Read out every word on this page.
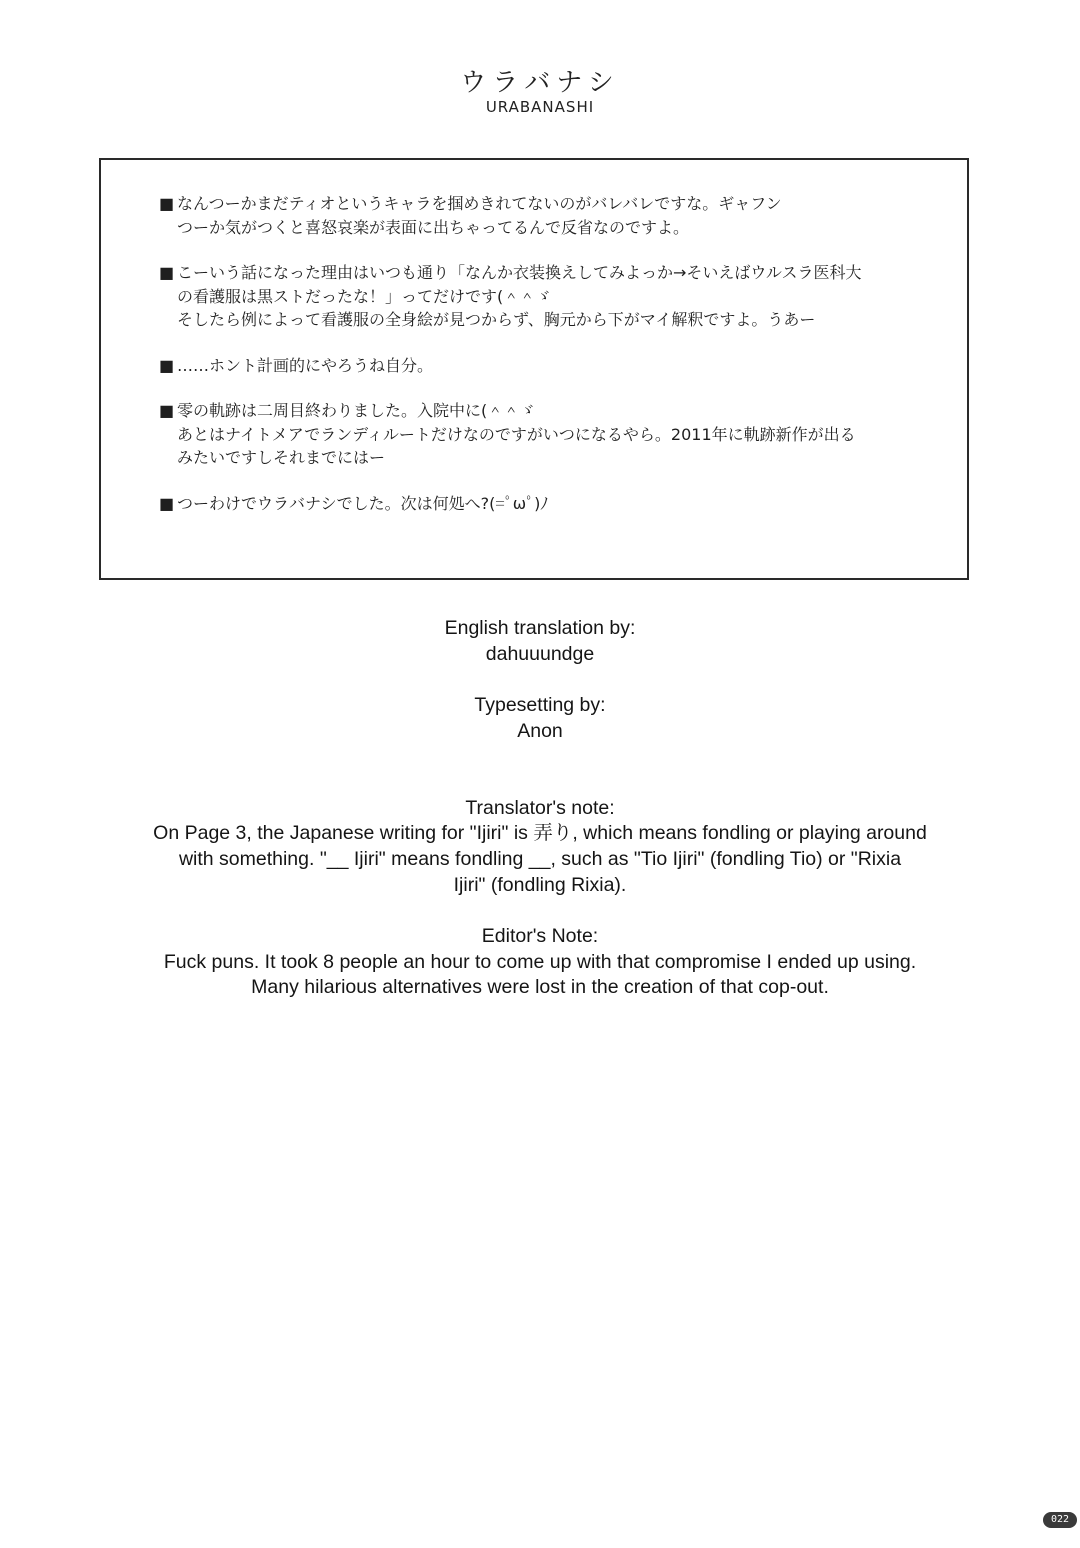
ウラバナシ
URABANASHI
■ なんつーかまだティオというキャラを掴めきれてないのがバレバレですな。ギャフン
つーか気がつくと喜怒哀楽が表面に出ちゃってるんで反省なのですよ。
■ こーいう話になった理由はいつも通り「なんか衣装換えしてみよっか→そいえばウルスラ医科大
の看護服は黒ストだったな！」ってだけです(＾＾ゞ
そしたら例によって看護服の全身絵が見つからず、胸元から下がマイ解釈ですよ。うあー
■ ……ホント計画的にやろうね自分。
■ 零の軌跡は二周目終わりました。入院中に(＾＾ゞ
あとはナイトメアでランディルートだけなのですがいつになるやら。2011年に軌跡新作が出る
みたいですしそれまでにはー
■ つーわけでウラバナシでした。次は何処へ?(=ﾟωﾟ)ﾉ

English translation by:

dahuuundge

Typesetting by:

Anon

Translator's note:

On Page 3, the Japanese writing for "Ijiri" is 弄り, which means fondling or playing around

with something. "__ Ijiri" means fondling __, such as "Tio Ijiri" (fondling Tio) or "Rixia

Ijiri" (fondling Rixia).

Editor's Note:

Fuck puns. It took 8 people an hour to come up with that compromise I ended up using.

Many hilarious alternatives were lost in the creation of that cop-out.

022
